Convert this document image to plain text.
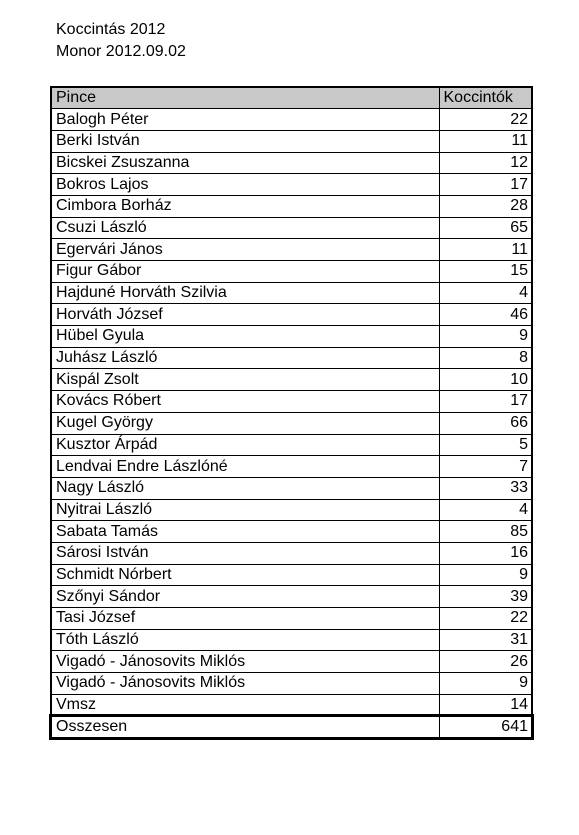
Koccintás 2012
Monor 2012.09.02
Pince	Koccintók
Balogh Péter	22
Berki István	11
Bicskei Zsuszanna	12
Bokros Lajos	17
Cimbora Borház	28
Csuzi László	65
Egervári János	11
Figur Gábor	15
Hajduné Horváth Szilvia	4
Horváth József	46
Hübel Gyula	9
Juhász László	8
Kispál Zsolt	10
Kovács Róbert	17
Kugel György	66
Kusztor Árpád	5
Lendvai Endre Lászlóné	7
Nagy László	33
Nyitrai László	4
Sabata Tamás	85
Sárosi István	16
Schmidt Nórbert	9
Szőnyi Sándor	39
Tasi József	22
Tóth László	31
Vigadó - Jánosovits Miklós	26
Vigadó - Jánosovits Miklós	9
Vmsz	14
Osszesen	641
